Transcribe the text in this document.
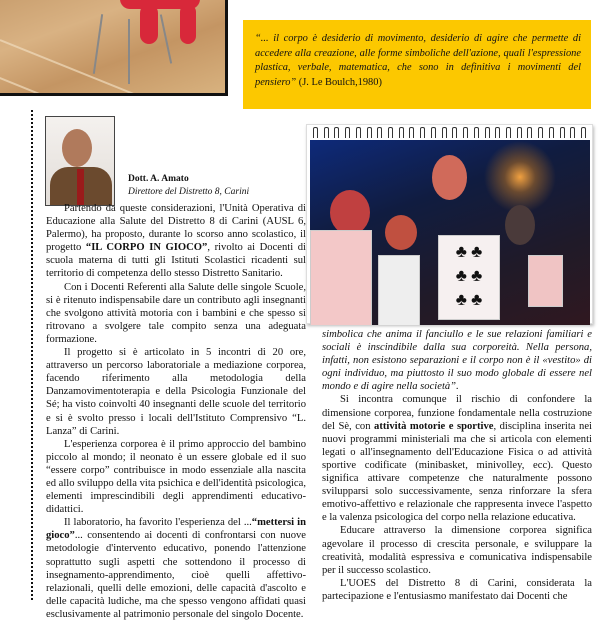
“... il corpo è desiderio di movimento, desiderio di agire che permette di accedere alla creazione, alle forme simboliche dell'azione, quali l'espressione plastica, verbale, matematica, che sono in definitiva i movimenti del pensiero” (J. Le Boulch,1980)
Dott. A. Amato
Direttore del Distretto 8, Carini

Partendo da queste considerazioni, l'Unità Operativa di Educazione alla Salute del Distretto 8 di Carini (AUSL 6, Palermo), ha proposto, durante lo scorso anno scolastico, il progetto “IL CORPO IN GIOCO”, rivolto ai Docenti di scuola materna di tutti gli Istituti Scolastici ricadenti sul territorio di competenza dello stesso Distretto Sanitario.

Con i Docenti Referenti alla Salute delle singole Scuole, si è ritenuto indispensabile dare un contributo agli insegnanti che svolgono attività motoria con i bambini e che spesso si ritrovano a svolgere tale compito senza una adeguata formazione.

Il progetto si è articolato in 5 incontri di 20 ore, attraverso un percorso laboratoriale a mediazione corporea, facendo riferimento alla metodologia della Danzamovimentoterapia e della Psicologia Funzionale del Sé; ha visto coinvolti 40 insegnanti delle scuole del territorio e si è svolto presso i locali dell'Istituto Comprensivo “L. Lanza” di Carini.

L'esperienza corporea è il primo approccio del bambino piccolo al mondo; il neonato è un essere globale ed il suo “essere corpo” contribuisce in modo essenziale alla nascita ed allo sviluppo della vita psichica e dell'identità psicologica, elementi imprescindibili degli apprendimenti educativo-didattici.

Il laboratorio, ha favorito l'esperienza del ...“mettersi in gioco”... consentendo ai docenti di confrontarsi con nuove metodologie d'intervento educativo, ponendo l'attenzione soprattutto sugli aspetti che sottendono il processo di insegnamento-apprendimento, cioè quelli affettivo-relazionali, quelli delle emozioni, delle capacità d'ascolto e delle capacità ludiche, ma che spesso vengono affidati quasi esclusivamente al patrimonio personale del singolo Docente.

♣ ♣
♣ ♣
♣ ♣

simbolica che anima il fanciullo e le sue relazioni familiari e sociali è inscindibile dalla sua corporeità. Nella persona, infatti, non esistono separazioni e il corpo non è il «vestito» di ogni individuo, ma piuttosto il suo modo globale di essere nel mondo e di agire nella società”.

Si incontra comunque il rischio di confondere la dimensione corporea, funzione fondamentale nella costruzione del Sè, con attività motorie e sportive, disciplina inserita nei nuovi programmi ministeriali ma che si articola con elementi legati o all'insegnamento dell'Educazione Fisica o ad attività sportive codificate (minibasket, minivolley, ecc). Questo significa attivare competenze che naturalmente possono svilupparsi solo successivamente, senza rinforzare la sfera emotivo-affettivo e relazionale che rappresenta invece l'aspetto e la valenza psicologica del corpo nella relazione educativa.

Educare attraverso la dimensione corporea significa agevolare il processo di crescita personale, e sviluppare la creatività, modalità espressiva e comunicativa indispensabile per il successo scolastico.

L'UOES del Distretto 8 di Carini, considerata la partecipazione e l'entusiasmo manifestato dai Docenti che
